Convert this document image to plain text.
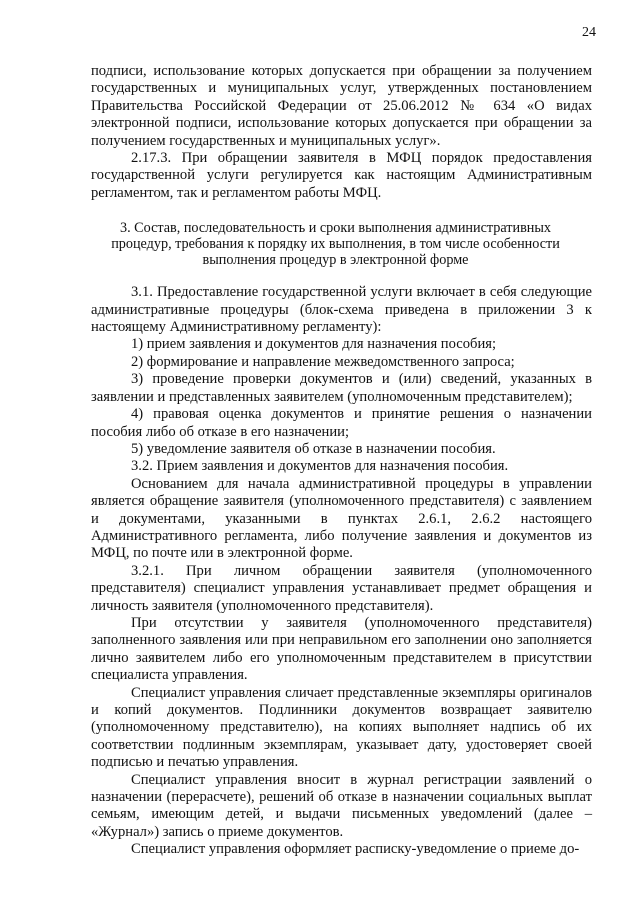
24

подписи, использование которых допускается при обращении за получением государственных и муниципальных услуг, утвержденных постановлением Правительства Российской Федерации от 25.06.2012 № 634 «О видах электронной подписи, использование которых допускается при обращении за получением государственных и муниципальных услуг».

2.17.3. При обращении заявителя в МФЦ порядок предоставления государственной услуги регулируется как настоящим Административным регламентом, так и регламентом работы МФЦ.

3. Состав, последовательность и сроки выполнения административных процедур, требования к порядку их выполнения, в том числе особенности выполнения процедур в электронной форме

3.1. Предоставление государственной услуги включает в себя следующие административные процедуры (блок-схема приведена в приложении 3 к настоящему Административному регламенту):

1) прием заявления и документов для назначения пособия;

2) формирование и направление межведомственного запроса;

3) проведение проверки документов и (или) сведений, указанных в заявлении и представленных заявителем (уполномоченным представителем);

4) правовая оценка документов и принятие решения о назначении пособия либо об отказе в его назначении;

5) уведомление заявителя об отказе в назначении пособия.

3.2. Прием заявления и документов для назначения пособия.

Основанием для начала административной процедуры в управлении является обращение заявителя (уполномоченного представителя) с заявлением и документами, указанными в пунктах 2.6.1, 2.6.2 настоящего Административного регламента, либо получение заявления и документов из МФЦ, по почте или в электронной форме.

3.2.1. При личном обращении заявителя (уполномоченного представителя) специалист управления устанавливает предмет обращения и личность заявителя (уполномоченного представителя).

При отсутствии у заявителя (уполномоченного представителя) заполненного заявления или при неправильном его заполнении оно заполняется лично заявителем либо его уполномоченным представителем в присутствии специалиста управления.

Специалист управления сличает представленные экземпляры оригиналов и копий документов. Подлинники документов возвращает заявителю (уполномоченному представителю), на копиях выполняет надпись об их соответствии подлинным экземплярам, указывает дату, удостоверяет своей подписью и печатью управления.

Специалист управления вносит в журнал регистрации заявлений о назначении (перерасчете), решений об отказе в назначении социальных выплат семьям, имеющим детей, и выдачи письменных уведомлений (далее – «Журнал») запись о приеме документов.

Специалист управления оформляет расписку-уведомление о приеме до-
